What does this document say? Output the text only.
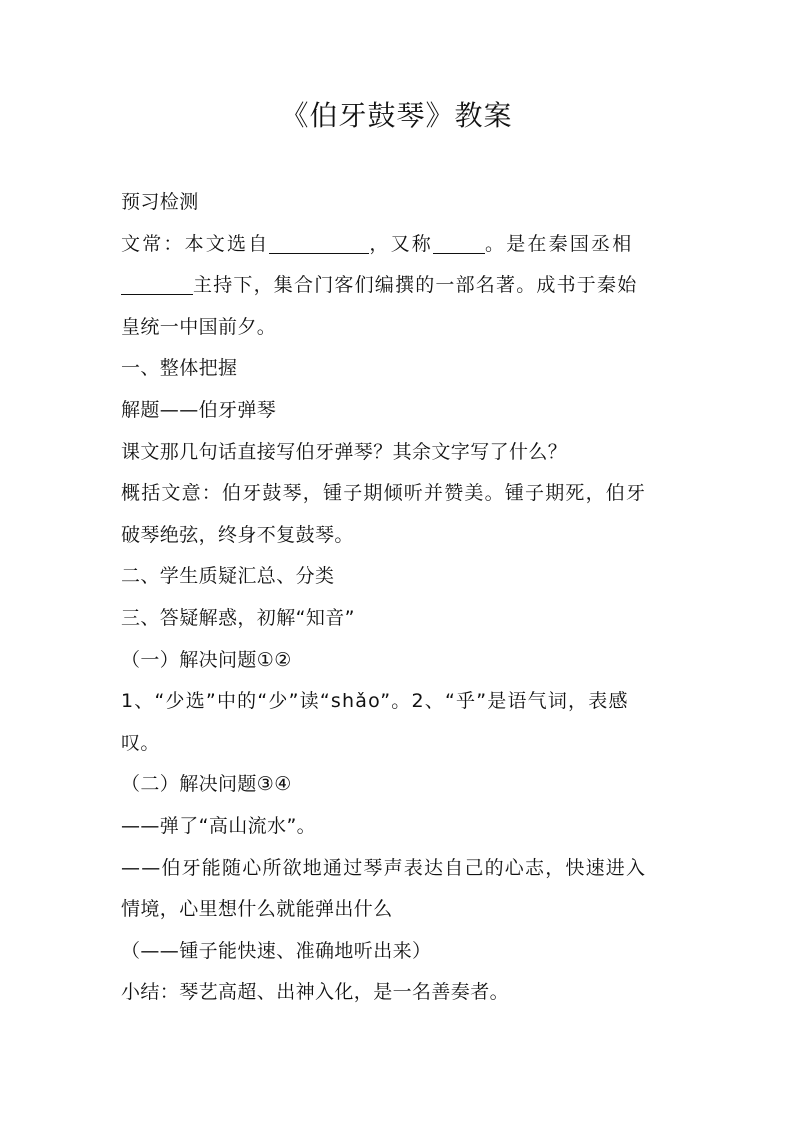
《伯牙鼓琴》教案
预习检测
文常：本文选自	，又称	。是在秦国丞相
主持下，集合门客们编撰的一部名著。成书于秦始
皇统一中国前夕。
一、整体把握
解题——伯牙弹琴
课文那几句话直接写伯牙弹琴？其余文字写了什么？
概括文意：伯牙鼓琴，锺子期倾听并赞美。锺子期死，伯牙
破琴绝弦，终身不复鼓琴。
二、学生质疑汇总、分类
三、答疑解惑，初解“知音”
（一）解决问题①②
1、“少选”中的“少”读“shǎo”。2、“乎”是语气词，表感
叹。
（二）解决问题③④
——弹了“高山流水”。
——伯牙能随心所欲地通过琴声表达自己的心志，快速进入
情境，心里想什么就能弹出什么
（——锺子能快速、准确地听出来）
小结：琴艺高超、出神入化，是一名善奏者。
